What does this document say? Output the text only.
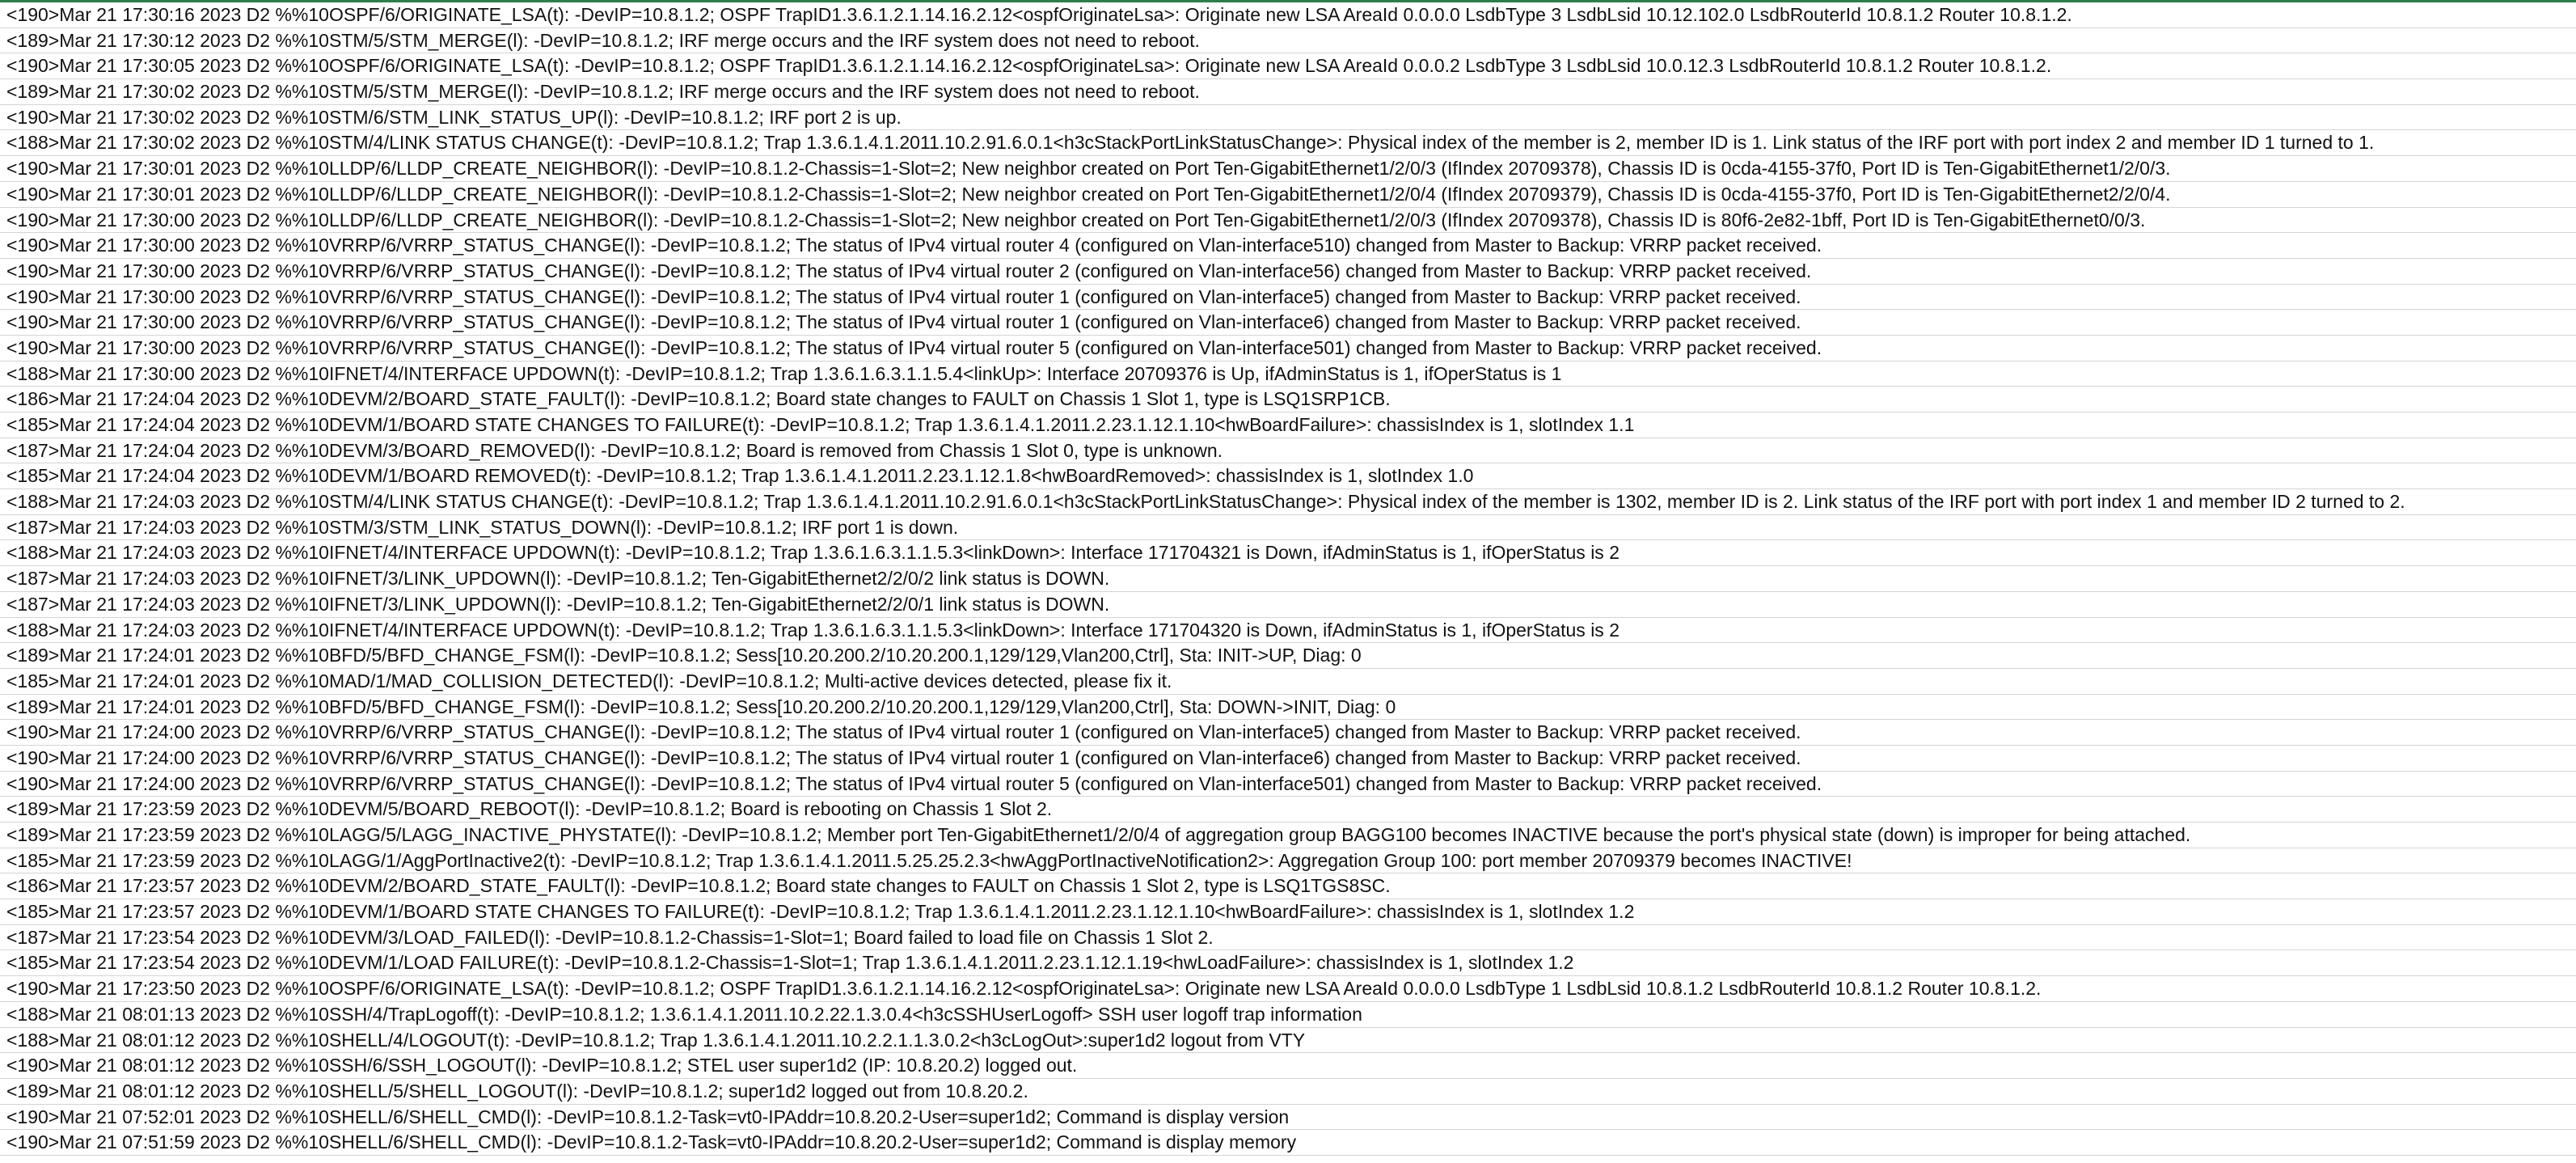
<190>Mar 21 17:30:16 2023 D2 %%10OSPF/6/ORIGINATE_LSA(t): -DevIP=10.8.1.2; OSPF TrapID1.3.6.1.2.1.14.16.2.12<ospfOriginateLsa>: Originate new LSA AreaId 0.0.0.0 LsdbType 3 LsdbLsid 10.12.102.0 LsdbRouterId 10.8.1.2 Router 10.8.1.2.
<189>Mar 21 17:30:12 2023 D2 %%10STM/5/STM_MERGE(l): -DevIP=10.8.1.2; IRF merge occurs and the IRF system does not need to reboot.
<190>Mar 21 17:30:05 2023 D2 %%10OSPF/6/ORIGINATE_LSA(t): -DevIP=10.8.1.2; OSPF TrapID1.3.6.1.2.1.14.16.2.12<ospfOriginateLsa>: Originate new LSA AreaId 0.0.0.2 LsdbType 3 LsdbLsid 10.0.12.3 LsdbRouterId 10.8.1.2 Router 10.8.1.2.
<189>Mar 21 17:30:02 2023 D2 %%10STM/5/STM_MERGE(l): -DevIP=10.8.1.2; IRF merge occurs and the IRF system does not need to reboot.
<190>Mar 21 17:30:02 2023 D2 %%10STM/6/STM_LINK_STATUS_UP(l): -DevIP=10.8.1.2; IRF port 2 is up.
<188>Mar 21 17:30:02 2023 D2 %%10STM/4/LINK STATUS CHANGE(t): -DevIP=10.8.1.2; Trap 1.3.6.1.4.1.2011.10.2.91.6.0.1<h3cStackPortLinkStatusChange>: Physical index of the member is 2, member ID is 1. Link status of the IRF port with port index 2 and member ID 1 turned to 1.
<190>Mar 21 17:30:01 2023 D2 %%10LLDP/6/LLDP_CREATE_NEIGHBOR(l): -DevIP=10.8.1.2-Chassis=1-Slot=2; New neighbor created on Port Ten-GigabitEthernet1/2/0/3 (IfIndex 20709378), Chassis ID is 0cda-4155-37f0, Port ID is Ten-GigabitEthernet1/2/0/3.
<190>Mar 21 17:30:01 2023 D2 %%10LLDP/6/LLDP_CREATE_NEIGHBOR(l): -DevIP=10.8.1.2-Chassis=1-Slot=2; New neighbor created on Port Ten-GigabitEthernet1/2/0/4 (IfIndex 20709379), Chassis ID is 0cda-4155-37f0, Port ID is Ten-GigabitEthernet2/2/0/4.
<190>Mar 21 17:30:00 2023 D2 %%10LLDP/6/LLDP_CREATE_NEIGHBOR(l): -DevIP=10.8.1.2-Chassis=1-Slot=2; New neighbor created on Port Ten-GigabitEthernet1/2/0/3 (IfIndex 20709378), Chassis ID is 80f6-2e82-1bff, Port ID is Ten-GigabitEthernet0/0/3.
<190>Mar 21 17:30:00 2023 D2 %%10VRRP/6/VRRP_STATUS_CHANGE(l): -DevIP=10.8.1.2; The status of IPv4 virtual router 4 (configured on Vlan-interface510) changed from Master to Backup: VRRP packet received.
<190>Mar 21 17:30:00 2023 D2 %%10VRRP/6/VRRP_STATUS_CHANGE(l): -DevIP=10.8.1.2; The status of IPv4 virtual router 2 (configured on Vlan-interface56) changed from Master to Backup: VRRP packet received.
<190>Mar 21 17:30:00 2023 D2 %%10VRRP/6/VRRP_STATUS_CHANGE(l): -DevIP=10.8.1.2; The status of IPv4 virtual router 1 (configured on Vlan-interface5) changed from Master to Backup: VRRP packet received.
<190>Mar 21 17:30:00 2023 D2 %%10VRRP/6/VRRP_STATUS_CHANGE(l): -DevIP=10.8.1.2; The status of IPv4 virtual router 1 (configured on Vlan-interface6) changed from Master to Backup: VRRP packet received.
<190>Mar 21 17:30:00 2023 D2 %%10VRRP/6/VRRP_STATUS_CHANGE(l): -DevIP=10.8.1.2; The status of IPv4 virtual router 5 (configured on Vlan-interface501) changed from Master to Backup: VRRP packet received.
<188>Mar 21 17:30:00 2023 D2 %%10IFNET/4/INTERFACE UPDOWN(t): -DevIP=10.8.1.2; Trap 1.3.6.1.6.3.1.1.5.4<linkUp>: Interface 20709376 is Up, ifAdminStatus is 1, ifOperStatus is 1
<186>Mar 21 17:24:04 2023 D2 %%10DEVM/2/BOARD_STATE_FAULT(l): -DevIP=10.8.1.2; Board state changes to FAULT on Chassis 1 Slot 1, type is LSQ1SRP1CB.
<185>Mar 21 17:24:04 2023 D2 %%10DEVM/1/BOARD STATE CHANGES TO FAILURE(t): -DevIP=10.8.1.2; Trap 1.3.6.1.4.1.2011.2.23.1.12.1.10<hwBoardFailure>: chassisIndex is 1, slotIndex 1.1
<187>Mar 21 17:24:04 2023 D2 %%10DEVM/3/BOARD_REMOVED(l): -DevIP=10.8.1.2; Board is removed from Chassis 1 Slot 0, type is unknown.
<185>Mar 21 17:24:04 2023 D2 %%10DEVM/1/BOARD REMOVED(t): -DevIP=10.8.1.2; Trap 1.3.6.1.4.1.2011.2.23.1.12.1.8<hwBoardRemoved>: chassisIndex is 1, slotIndex 1.0
<188>Mar 21 17:24:03 2023 D2 %%10STM/4/LINK STATUS CHANGE(t): -DevIP=10.8.1.2; Trap 1.3.6.1.4.1.2011.10.2.91.6.0.1<h3cStackPortLinkStatusChange>: Physical index of the member is 1302, member ID is 2. Link status of the IRF port with port index 1 and member ID 2 turned to 2.
<187>Mar 21 17:24:03 2023 D2 %%10STM/3/STM_LINK_STATUS_DOWN(l): -DevIP=10.8.1.2; IRF port 1 is down.
<188>Mar 21 17:24:03 2023 D2 %%10IFNET/4/INTERFACE UPDOWN(t): -DevIP=10.8.1.2; Trap 1.3.6.1.6.3.1.1.5.3<linkDown>: Interface 171704321 is Down, ifAdminStatus is 1, ifOperStatus is 2
<187>Mar 21 17:24:03 2023 D2 %%10IFNET/3/LINK_UPDOWN(l): -DevIP=10.8.1.2; Ten-GigabitEthernet2/2/0/2 link status is DOWN.
<187>Mar 21 17:24:03 2023 D2 %%10IFNET/3/LINK_UPDOWN(l): -DevIP=10.8.1.2; Ten-GigabitEthernet2/2/0/1 link status is DOWN.
<188>Mar 21 17:24:03 2023 D2 %%10IFNET/4/INTERFACE UPDOWN(t): -DevIP=10.8.1.2; Trap 1.3.6.1.6.3.1.1.5.3<linkDown>: Interface 171704320 is Down, ifAdminStatus is 1, ifOperStatus is 2
<189>Mar 21 17:24:01 2023 D2 %%10BFD/5/BFD_CHANGE_FSM(l): -DevIP=10.8.1.2; Sess[10.20.200.2/10.20.200.1,129/129,Vlan200,Ctrl], Sta: INIT->UP, Diag: 0
<185>Mar 21 17:24:01 2023 D2 %%10MAD/1/MAD_COLLISION_DETECTED(l): -DevIP=10.8.1.2; Multi-active devices detected, please fix it.
<189>Mar 21 17:24:01 2023 D2 %%10BFD/5/BFD_CHANGE_FSM(l): -DevIP=10.8.1.2; Sess[10.20.200.2/10.20.200.1,129/129,Vlan200,Ctrl], Sta: DOWN->INIT, Diag: 0
<190>Mar 21 17:24:00 2023 D2 %%10VRRP/6/VRRP_STATUS_CHANGE(l): -DevIP=10.8.1.2; The status of IPv4 virtual router 1 (configured on Vlan-interface5) changed from Master to Backup: VRRP packet received.
<190>Mar 21 17:24:00 2023 D2 %%10VRRP/6/VRRP_STATUS_CHANGE(l): -DevIP=10.8.1.2; The status of IPv4 virtual router 1 (configured on Vlan-interface6) changed from Master to Backup: VRRP packet received.
<190>Mar 21 17:24:00 2023 D2 %%10VRRP/6/VRRP_STATUS_CHANGE(l): -DevIP=10.8.1.2; The status of IPv4 virtual router 5 (configured on Vlan-interface501) changed from Master to Backup: VRRP packet received.
<189>Mar 21 17:23:59 2023 D2 %%10DEVM/5/BOARD_REBOOT(l): -DevIP=10.8.1.2; Board is rebooting on Chassis 1 Slot 2.
<189>Mar 21 17:23:59 2023 D2 %%10LAGG/5/LAGG_INACTIVE_PHYSTATE(l): -DevIP=10.8.1.2; Member port Ten-GigabitEthernet1/2/0/4 of aggregation group BAGG100 becomes INACTIVE because the port's physical state (down) is improper for being attached.
<185>Mar 21 17:23:59 2023 D2 %%10LAGG/1/AggPortInactive2(t): -DevIP=10.8.1.2; Trap 1.3.6.1.4.1.2011.5.25.25.2.3<hwAggPortInactiveNotification2>: Aggregation Group 100: port member 20709379 becomes INACTIVE!
<186>Mar 21 17:23:57 2023 D2 %%10DEVM/2/BOARD_STATE_FAULT(l): -DevIP=10.8.1.2; Board state changes to FAULT on Chassis 1 Slot 2, type is LSQ1TGS8SC.
<185>Mar 21 17:23:57 2023 D2 %%10DEVM/1/BOARD STATE CHANGES TO FAILURE(t): -DevIP=10.8.1.2; Trap 1.3.6.1.4.1.2011.2.23.1.12.1.10<hwBoardFailure>: chassisIndex is 1, slotIndex 1.2
<187>Mar 21 17:23:54 2023 D2 %%10DEVM/3/LOAD_FAILED(l): -DevIP=10.8.1.2-Chassis=1-Slot=1; Board failed to load file on Chassis 1 Slot 2.
<185>Mar 21 17:23:54 2023 D2 %%10DEVM/1/LOAD FAILURE(t): -DevIP=10.8.1.2-Chassis=1-Slot=1; Trap 1.3.6.1.4.1.2011.2.23.1.12.1.19<hwLoadFailure>: chassisIndex is 1, slotIndex 1.2
<190>Mar 21 17:23:50 2023 D2 %%10OSPF/6/ORIGINATE_LSA(t): -DevIP=10.8.1.2; OSPF TrapID1.3.6.1.2.1.14.16.2.12<ospfOriginateLsa>: Originate new LSA AreaId 0.0.0.0 LsdbType 1 LsdbLsid 10.8.1.2 LsdbRouterId 10.8.1.2 Router 10.8.1.2.
<188>Mar 21 08:01:13 2023 D2 %%10SSH/4/TrapLogoff(t): -DevIP=10.8.1.2; 1.3.6.1.4.1.2011.10.2.22.1.3.0.4<h3cSSHUserLogoff> SSH user logoff trap information
<188>Mar 21 08:01:12 2023 D2 %%10SHELL/4/LOGOUT(t): -DevIP=10.8.1.2; Trap 1.3.6.1.4.1.2011.10.2.2.1.1.3.0.2<h3cLogOut>:super1d2 logout from VTY
<190>Mar 21 08:01:12 2023 D2 %%10SSH/6/SSH_LOGOUT(l): -DevIP=10.8.1.2; STEL user super1d2 (IP: 10.8.20.2) logged out.
<189>Mar 21 08:01:12 2023 D2 %%10SHELL/5/SHELL_LOGOUT(l): -DevIP=10.8.1.2; super1d2 logged out from 10.8.20.2.
<190>Mar 21 07:52:01 2023 D2 %%10SHELL/6/SHELL_CMD(l): -DevIP=10.8.1.2-Task=vt0-IPAddr=10.8.20.2-User=super1d2; Command is display version
<190>Mar 21 07:51:59 2023 D2 %%10SHELL/6/SHELL_CMD(l): -DevIP=10.8.1.2-Task=vt0-IPAddr=10.8.20.2-User=super1d2; Command is display memory
